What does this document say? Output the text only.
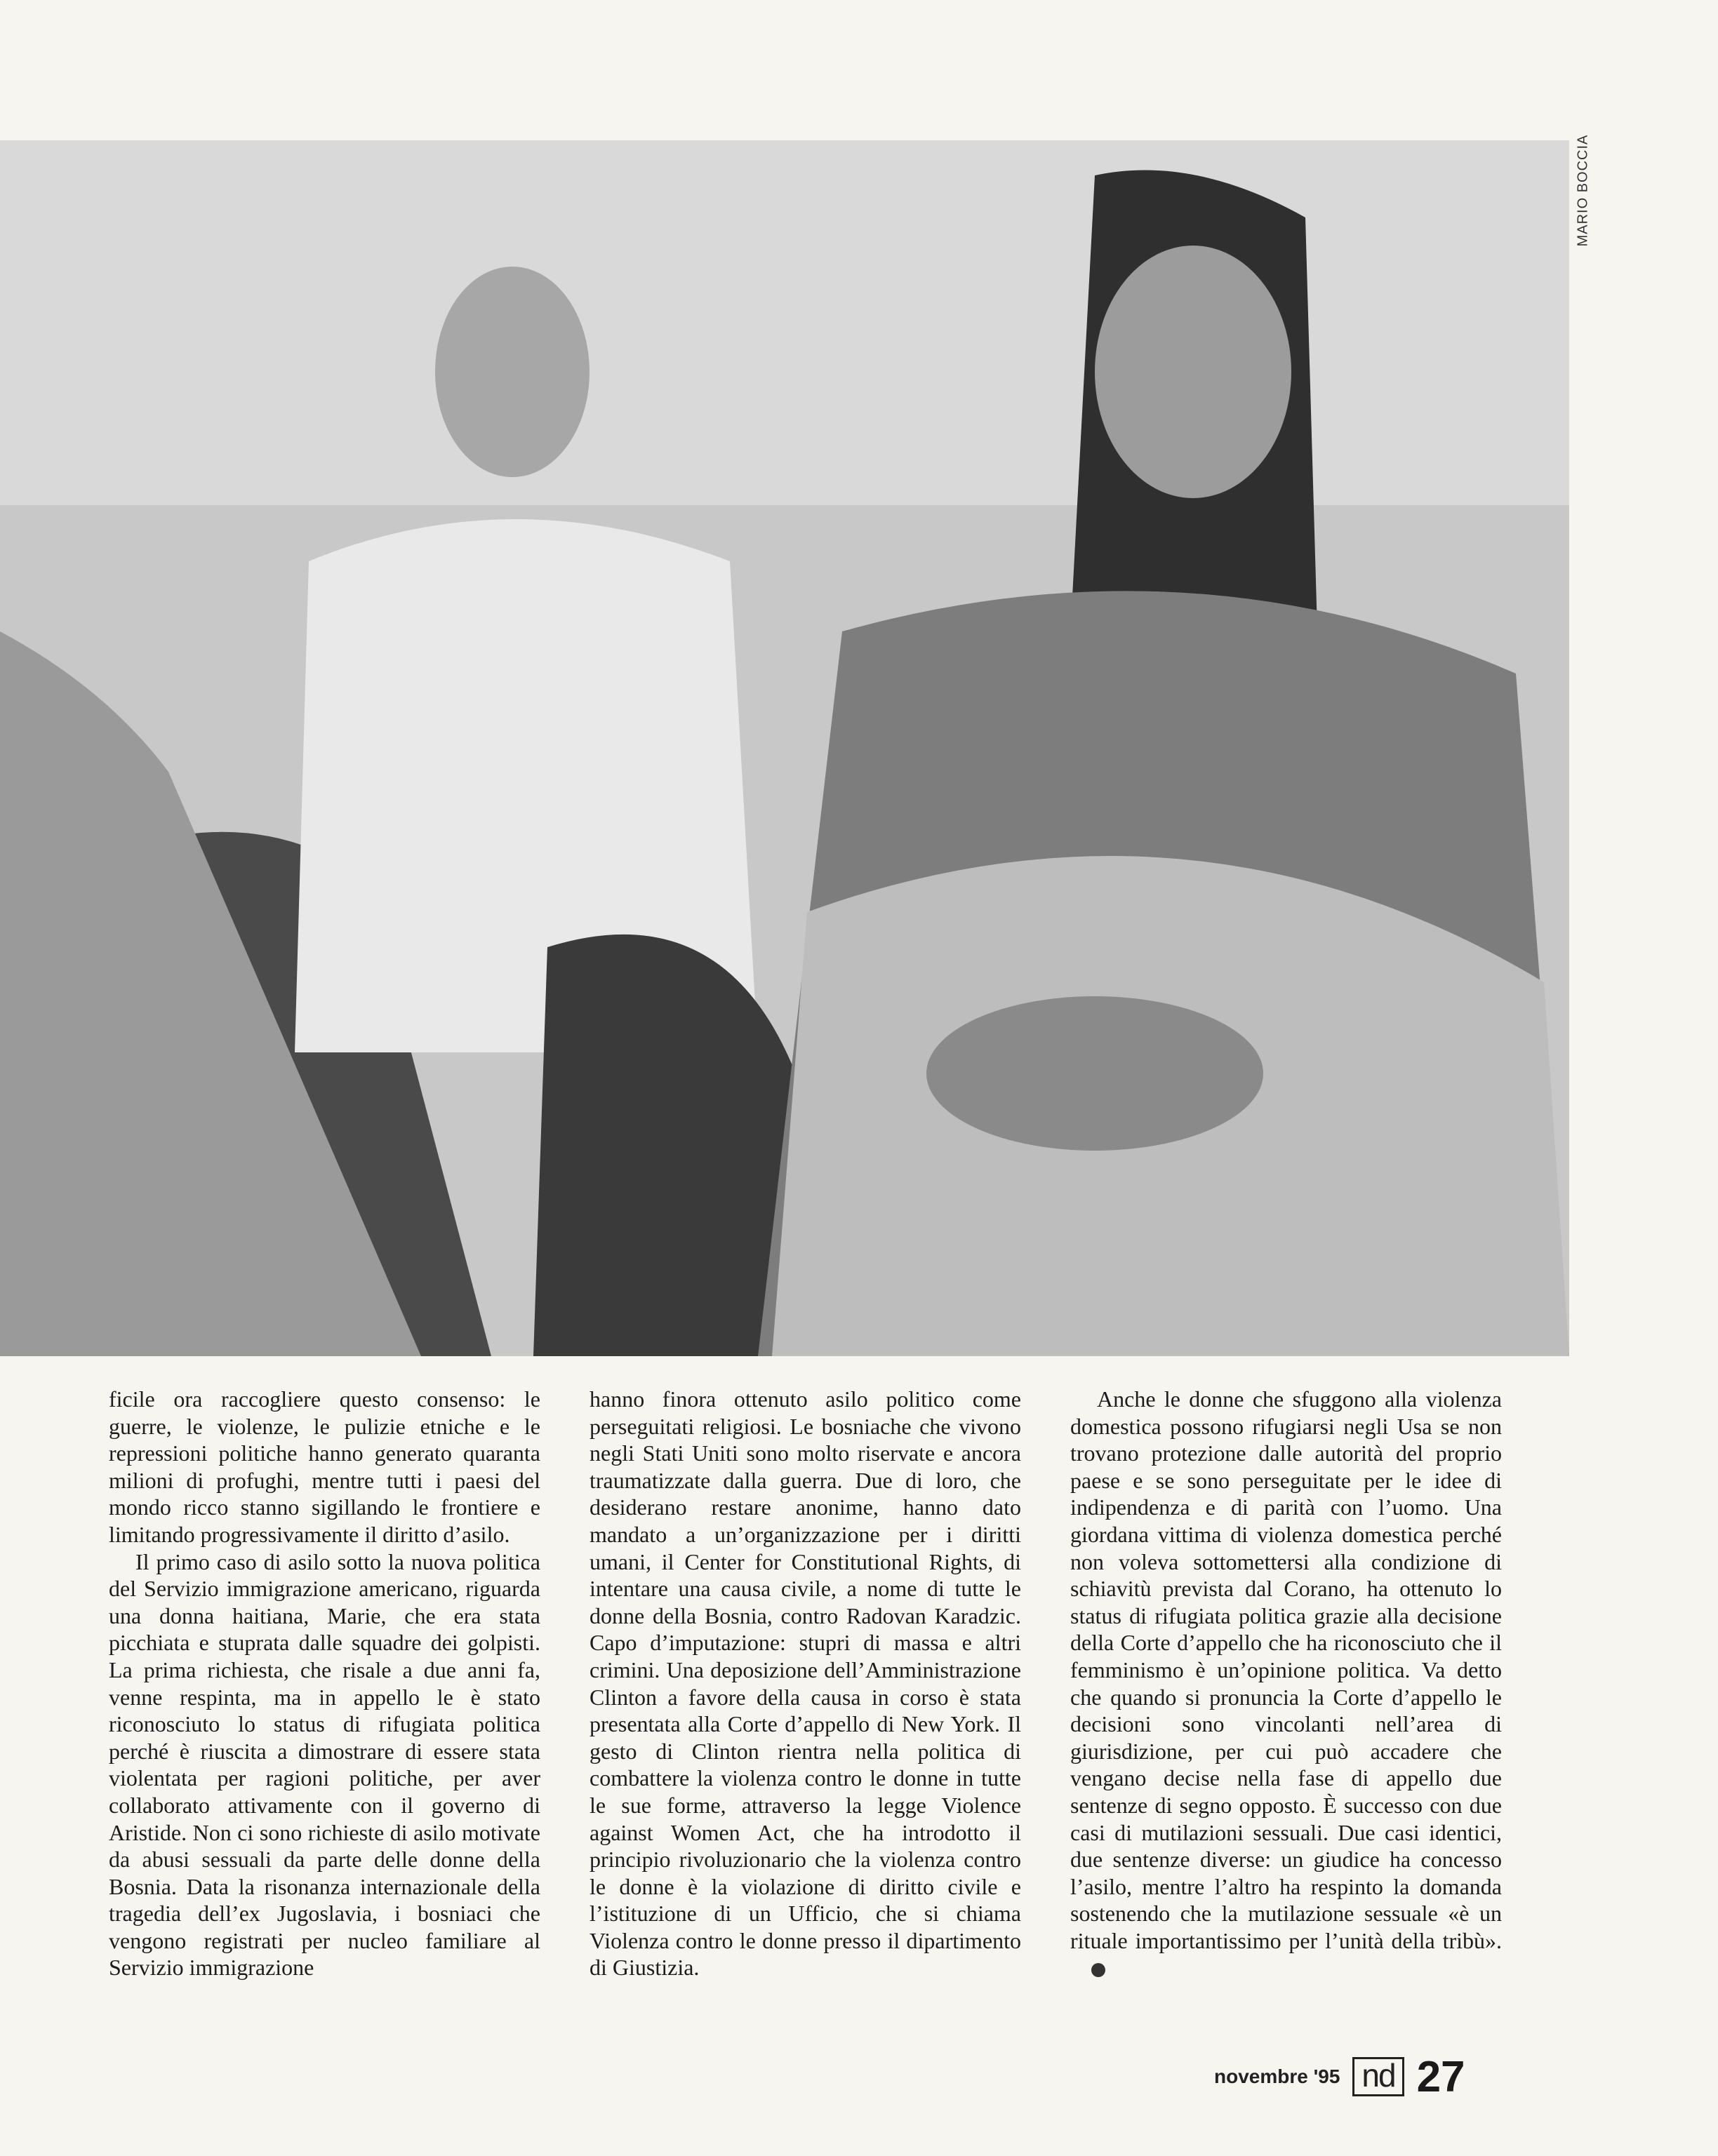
MARIO BOCCIA

ficile ora raccogliere questo consenso: le guerre, le violenze, le pulizie etniche e le repressioni politiche hanno generato quaranta milioni di profughi, mentre tutti i paesi del mondo ricco stanno sigillando le frontiere e limitando progressivamente il diritto d’asilo.

Il primo caso di asilo sotto la nuova politica del Servizio immigrazione americano, riguarda una donna haitiana, Marie, che era stata picchiata e stuprata dalle squadre dei golpisti. La prima richiesta, che risale a due anni fa, venne respinta, ma in appello le è stato riconosciuto lo status di rifugiata politica perché è riuscita a dimostrare di essere stata violentata per ragioni politiche, per aver collaborato attivamente con il governo di Aristide. Non ci sono richieste di asilo motivate da abusi sessuali da parte delle donne della Bosnia. Data la risonanza internazionale della tragedia dell’ex Jugoslavia, i bosniaci che vengono registrati per nucleo familiare al Servizio immigrazione

hanno finora ottenuto asilo politico come perseguitati religiosi. Le bosniache che vivono negli Stati Uniti sono molto riservate e ancora traumatizzate dalla guerra. Due di loro, che desiderano restare anonime, hanno dato mandato a un’organizzazione per i diritti umani, il Center for Constitutional Rights, di intentare una causa civile, a nome di tutte le donne della Bosnia, contro Radovan Karadzic. Capo d’imputazione: stupri di massa e altri crimini. Una deposizione dell’Amministrazione Clinton a favore della causa in corso è stata presentata alla Corte d’appello di New York. Il gesto di Clinton rientra nella politica di combattere la violenza contro le donne in tutte le sue forme, attraverso la legge Violence against Women Act, che ha introdotto il principio rivoluzionario che la violenza contro le donne è la violazione di diritto civile e l’istituzione di un Ufficio, che si chiama Violenza contro le donne presso il dipartimento di Giustizia.

Anche le donne che sfuggono alla violenza domestica possono rifugiarsi negli Usa se non trovano protezione dalle autorità del proprio paese e se sono perseguitate per le idee di indipendenza e di parità con l’uomo. Una giordana vittima di violenza domestica perché non voleva sottomettersi alla condizione di schiavitù prevista dal Corano, ha ottenuto lo status di rifugiata politica grazie alla decisione della Corte d’appello che ha riconosciuto che il femminismo è un’opinione politica. Va detto che quando si pronuncia la Corte d’appello le decisioni sono vincolanti nell’area di giurisdizione, per cui può accadere che vengano decise nella fase di appello due sentenze di segno opposto. È successo con due casi di mutilazioni sessuali. Due casi identici, due sentenze diverse: un giudice ha concesso l’asilo, mentre l’altro ha respinto la domanda sostenendo che la mutilazione sessuale «è un rituale importantissimo per l’unità della tribù».

novembre '95 nd 27
